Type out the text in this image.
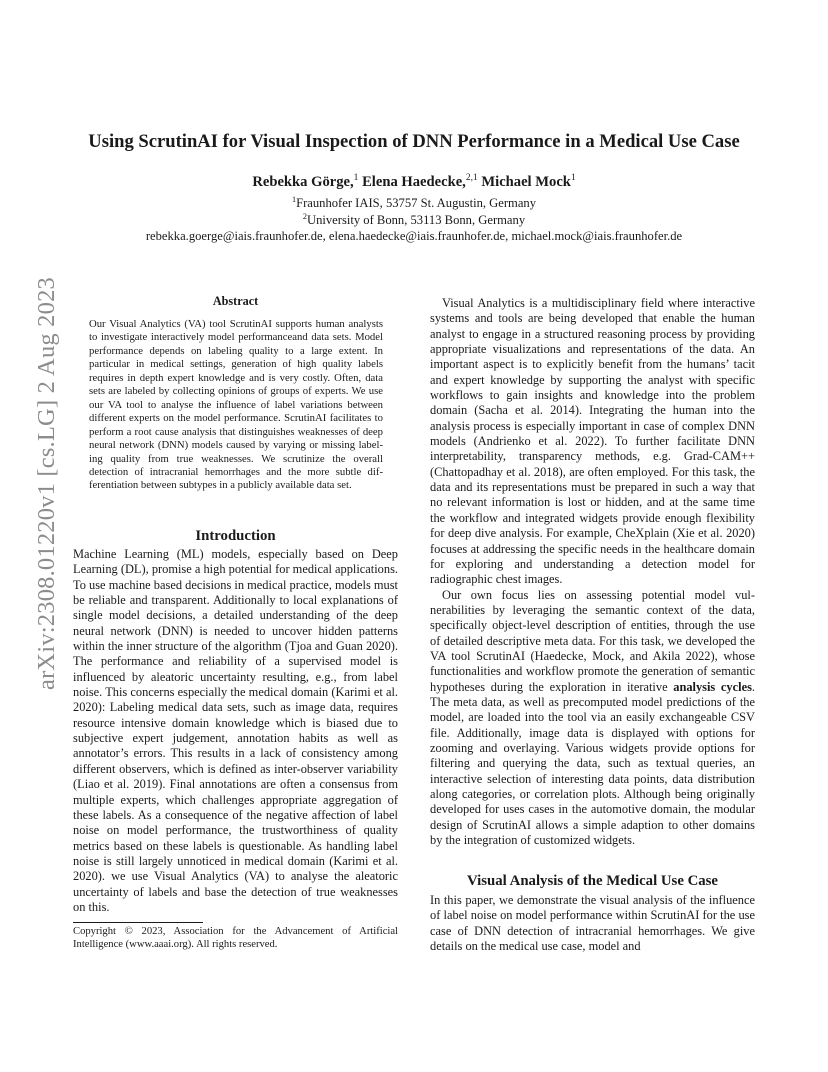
Using ScrutinAI for Visual Inspection of DNN Performance in a Medical Use Case
Rebekka Görge,$^1$ Elena Haedecke,$^{2,1}$ Michael Mock$^1$
$^1$Fraunhofer IAIS, 53757 St. Augustin, Germany
$^2$University of Bonn, 53113 Bonn, Germany
rebekka.goerge@iais.fraunhofer.de, elena.haedecke@iais.fraunhofer.de, michael.mock@iais.fraunhofer.de
arXiv:2308.01220v1 [cs.LG] 2 Aug 2023	Abstract

Our Visual Analytics (VA) tool ScrutinAI supports human analysts to investigate interactively model performanceand data sets. Model performance depends on labeling quality to a large extent. In particular in medical settings, generation of high quality labels requires in depth expert knowledge and is very costly. Often, data sets are labeled by collecting opinions of groups of experts. We use our VA tool to analyse the influence of label variations between different experts on the model performance. ScrutinAI facilitates to perform a root cause analysis that distinguishes weaknesses of deep neural network (DNN) models caused by varying or missing labeling quality from true weaknesses. We scrutinize the overall detection of intracranial hemorrhages and the more subtle differentiation between subtypes in a publicly available data set.

Introduction

Machine Learning (ML) models, especially based on Deep Learning (DL), promise a high potential for medical applications. To use machine based decisions in medical practice, models must be reliable and transparent. Additionally to local explanations of single model decisions, a detailed understanding of the deep neural network (DNN) is needed to uncover hidden patterns within the inner structure of the algorithm (Tjoa and Guan 2020). The performance and reliability of a supervised model is influenced by aleatoric uncertainty resulting, e.g., from label noise. This concerns especially the medical domain (Karimi et al. 2020): Labeling medical data sets, such as image data, requires resource intensive domain knowledge which is biased due to subjective expert judgement, annotation habits as well as annotator’s errors. This results in a lack of consistency among different observers, which is defined as inter-observer variability (Liao et al. 2019). Final annotations are often a consensus from multiple experts, which challenges appropriate aggregation of these labels. As a consequence of the negative affection of label noise on model performance, the trustworthiness of quality metrics based on these labels is questionable. As handling label noise is still largely unnoticed in medical domain (Karimi et al. 2020). we use Visual Analytics (VA) to analyse the aleatoric uncertainty of labels and base the detection of true weaknesses on this.

Copyright © 2023, Association for the Advancement of Artificial Intelligence (www.aaai.org). All rights reserved.

Visual Analytics is a multidisciplinary field where interactive systems and tools are being developed that enable the human analyst to engage in a structured reasoning process by providing appropriate visualizations and representations of the data. An important aspect is to explicitly benefit from the humans’ tacit and expert knowledge by supporting the analyst with specific workflows to gain insights and knowledge into the problem domain (Sacha et al. 2014). Integrating the human into the analysis process is especially important in case of complex DNN models (Andrienko et al. 2022). To further facilitate DNN interpretability, transparency methods, e.g. Grad-CAM++ (Chattopadhay et al. 2018), are often employed. For this task, the data and its representations must be prepared in such a way that no relevant information is lost or hidden, and at the same time the workflow and integrated widgets provide enough flexibility for deep dive analysis. For example, CheXplain (Xie et al. 2020) focuses at addressing the specific needs in the healthcare domain for exploring and understanding a detection model for radiographic chest images.

Our own focus lies on assessing potential model vulnerabilities by leveraging the semantic context of the data, specifically object-level description of entities, through the use of detailed descriptive meta data. For this task, we developed the VA tool ScrutinAI (Haedecke, Mock, and Akila 2022), whose functionalities and workflow promote the generation of semantic hypotheses during the exploration in iterative analysis cycles. The meta data, as well as precomputed model predictions of the model, are loaded into the tool via an easily exchangeable CSV file. Additionally, image data is displayed with options for zooming and overlaying. Various widgets provide options for filtering and querying the data, such as textual queries, an interactive selection of interesting data points, data distribution along categories, or correlation plots. Although being originally developed for uses cases in the automotive domain, the modular design of ScrutinAI allows a simple adaption to other domains by the integration of customized widgets.

Visual Analysis of the Medical Use Case

In this paper, we demonstrate the visual analysis of the influence of label noise on model performance within ScrutinAI for the use case of DNN detection of intracranial hemorrhages. We give details on the medical use case, model and
